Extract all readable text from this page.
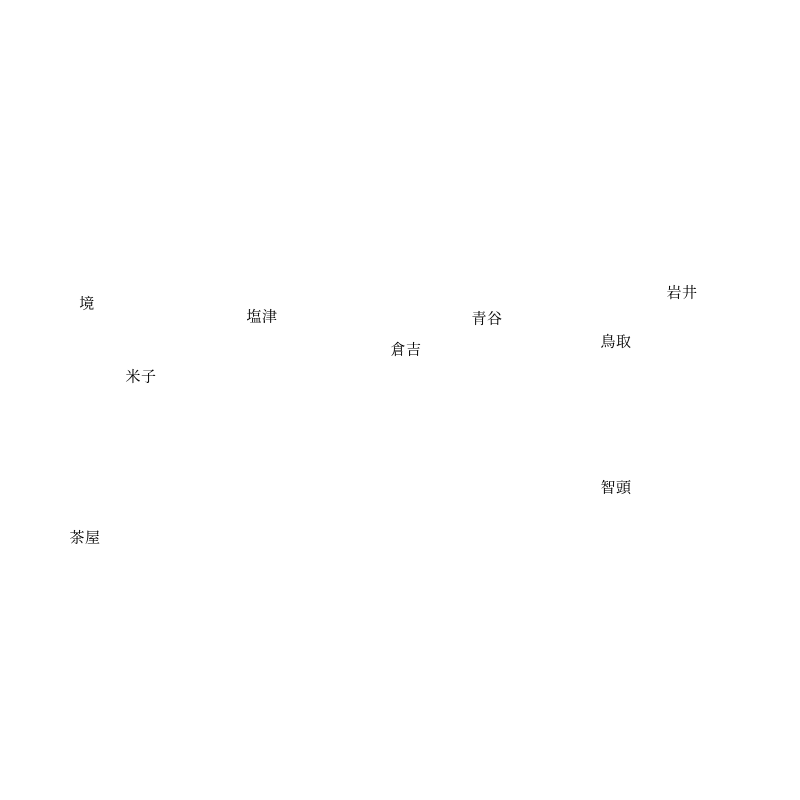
境
塩津	青谷
岩井
鳥取
倉吉
米子
智頭
茶屋
